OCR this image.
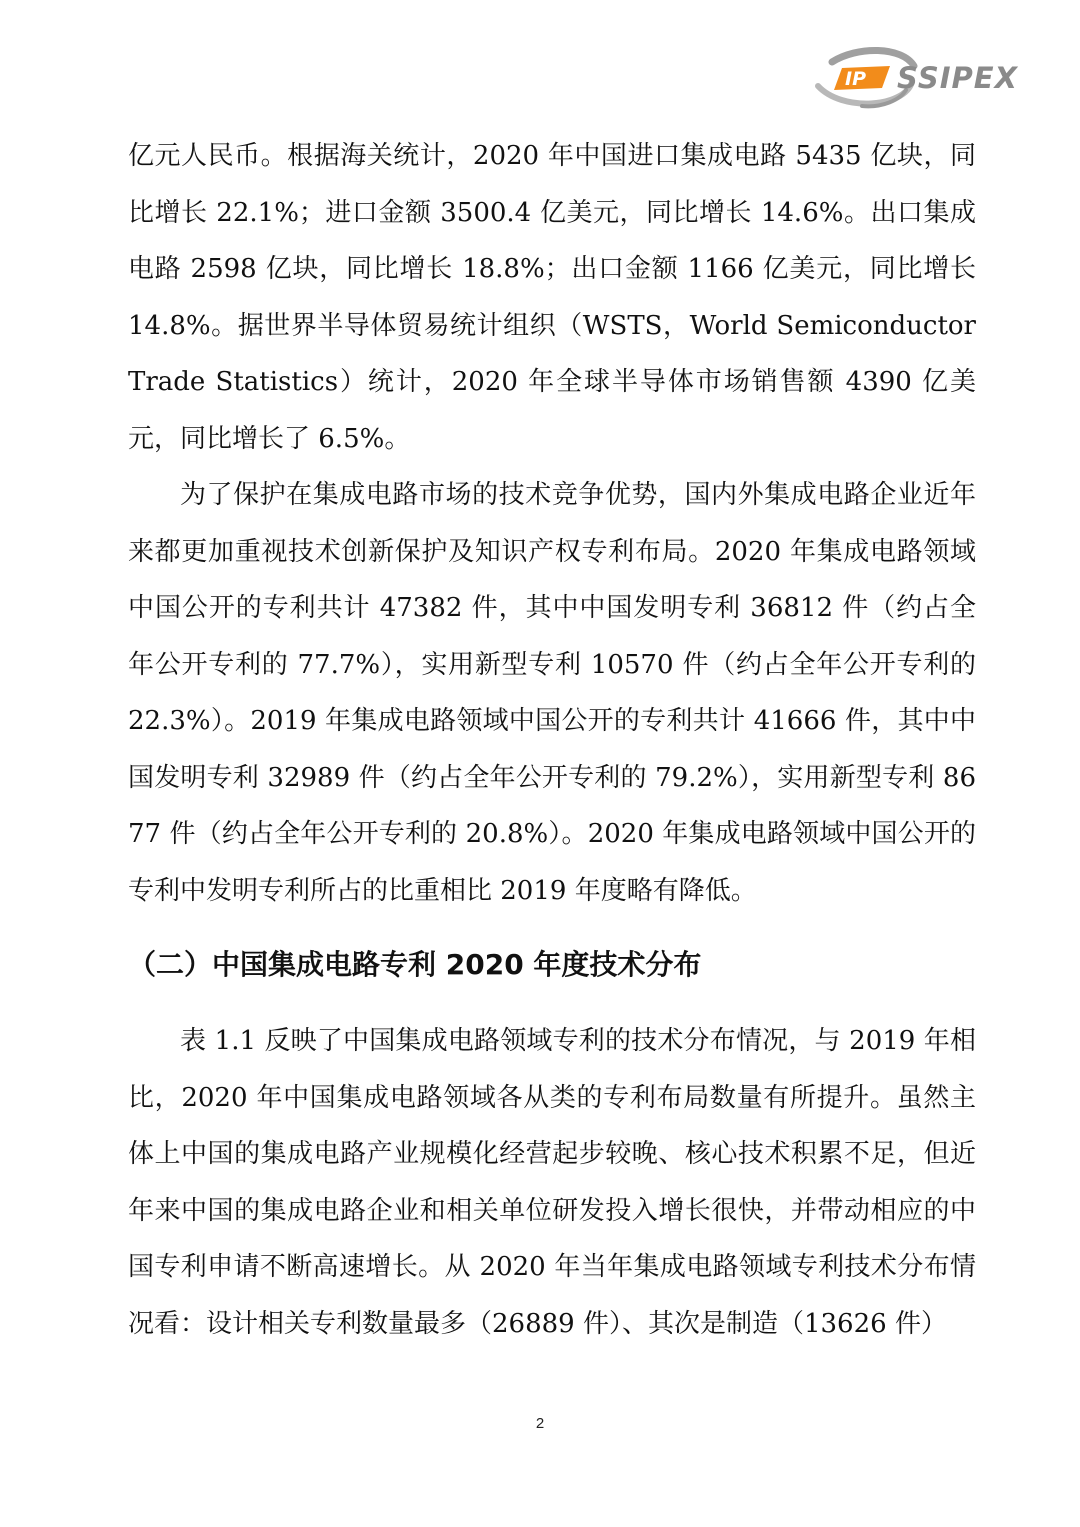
IP SSIPEX

亿元人民币。根据海关统计，2020 年中国进口集成电路 5435 亿块，同比增长 22.1%；进口金额 3500.4 亿美元，同比增长 14.6%。出口集成电路 2598 亿块，同比增长 18.8%；出口金额 1166 亿美元，同比增长 14.8%。据世界半导体贸易统计组织（WSTS，World Semiconductor Trade Statistics）统计，2020 年全球半导体市场销售额 4390 亿美元，同比增长了 6.5%。

为了保护在集成电路市场的技术竞争优势，国内外集成电路企业近年来都更加重视技术创新保护及知识产权专利布局。2020 年集成电路领域中国公开的专利共计 47382 件，其中中国发明专利 36812 件（约占全年公开专利的 77.7%），实用新型专利 10570 件（约占全年公开专利的 22.3%）。2019 年集成电路领域中国公开的专利共计 41666 件，其中中国发明专利 32989 件（约占全年公开专利的 79.2%），实用新型专利 8677 件（约占全年公开专利的 20.8%）。2020 年集成电路领域中国公开的专利中发明专利所占的比重相比 2019 年度略有降低。

（二）中国集成电路专利 2020 年度技术分布

表 1.1 反映了中国集成电路领域专利的技术分布情况，与 2019 年相比，2020 年中国集成电路领域各从类的专利布局数量有所提升。虽然主体上中国的集成电路产业规模化经营起步较晚、核心技术积累不足，但近年来中国的集成电路企业和相关单位研发投入增长很快，并带动相应的中国专利申请不断高速增长。从 2020 年当年集成电路领域专利技术分布情况看：设计相关专利数量最多（26889 件）、其次是制造（13626 件）

2
